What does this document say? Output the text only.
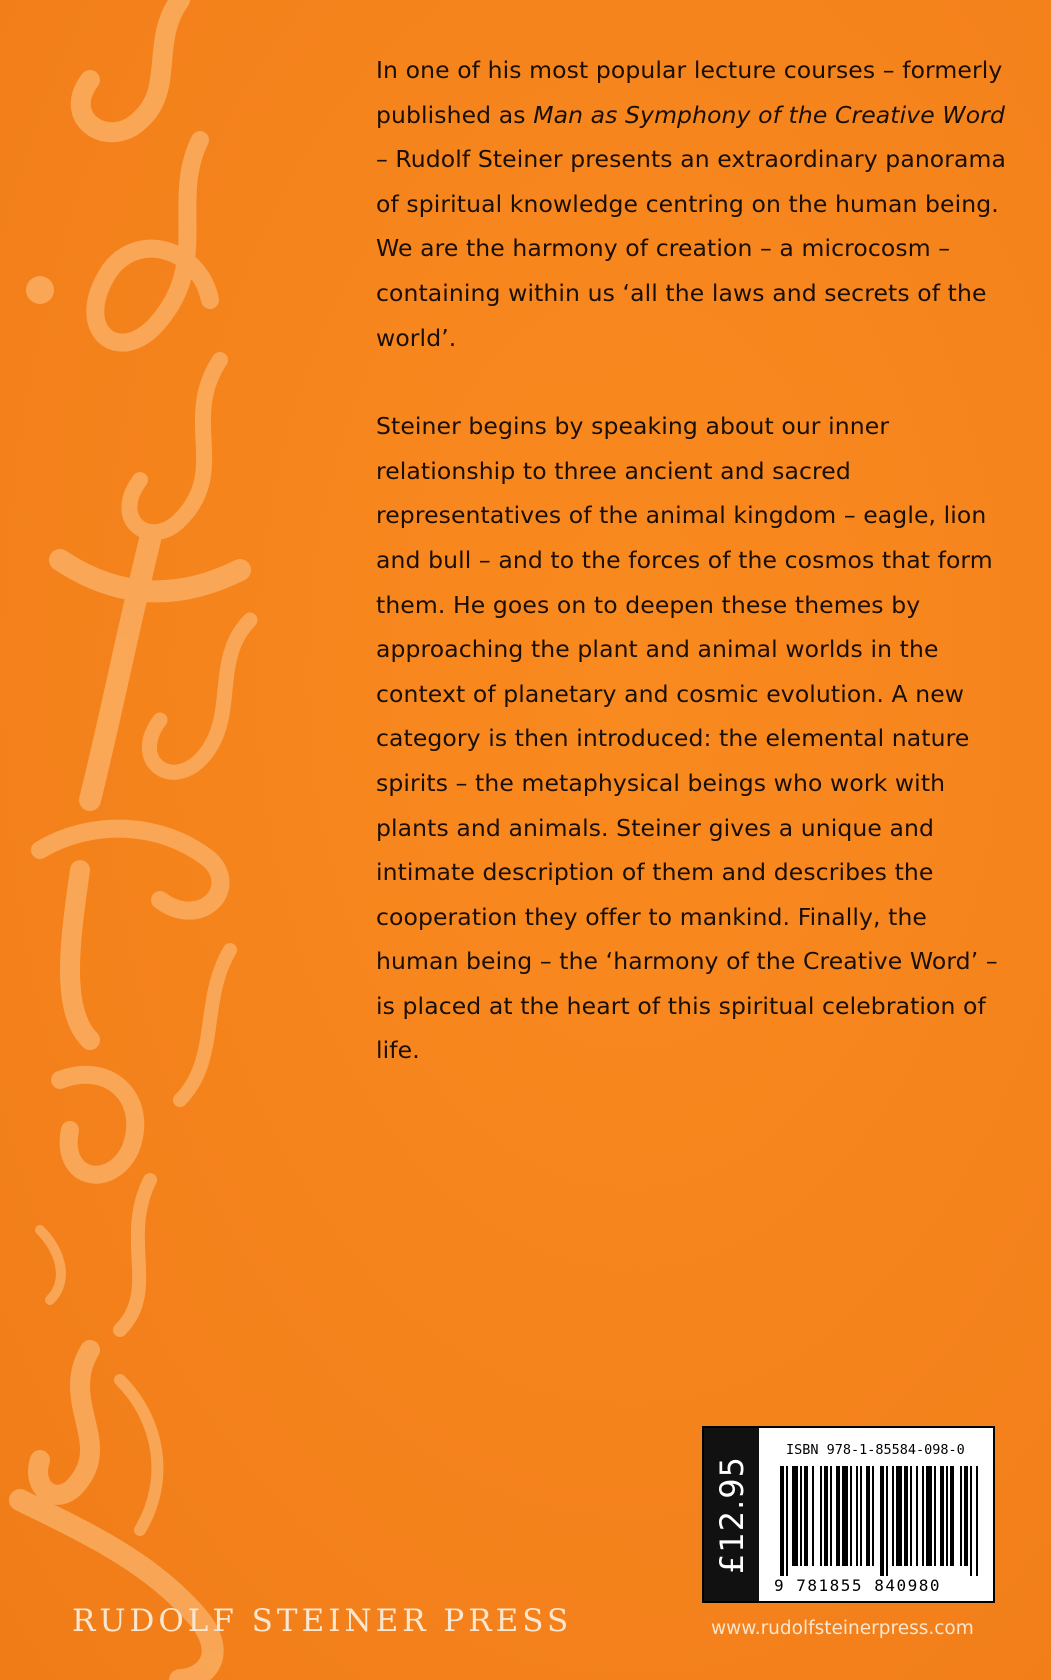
In one of his most popular lecture courses – formerly published as Man as Symphony of the Creative Word – Rudolf Steiner presents an extraordinary panorama of spiritual knowledge centring on the human being. We are the harmony of creation – a microcosm – containing within us ‘all the laws and secrets of the world’.

Steiner begins by speaking about our inner relationship to three ancient and sacred representatives of the animal kingdom – eagle, lion and bull – and to the forces of the cosmos that form them. He goes on to deepen these themes by approaching the plant and animal worlds in the context of planetary and cosmic evolution. A new category is then introduced: the elemental nature spirits – the metaphysical beings who work with plants and animals. Steiner gives a unique and intimate description of them and describes the cooperation they offer to mankind. Finally, the human being – the ‘harmony of the Creative Word’ – is placed at the heart of this spiritual celebration of life.

£12.95
ISBN 978-1-85584-098-0
9 781855 840980
RUDOLF STEINER PRESS	www.rudolfsteinerpress.com
